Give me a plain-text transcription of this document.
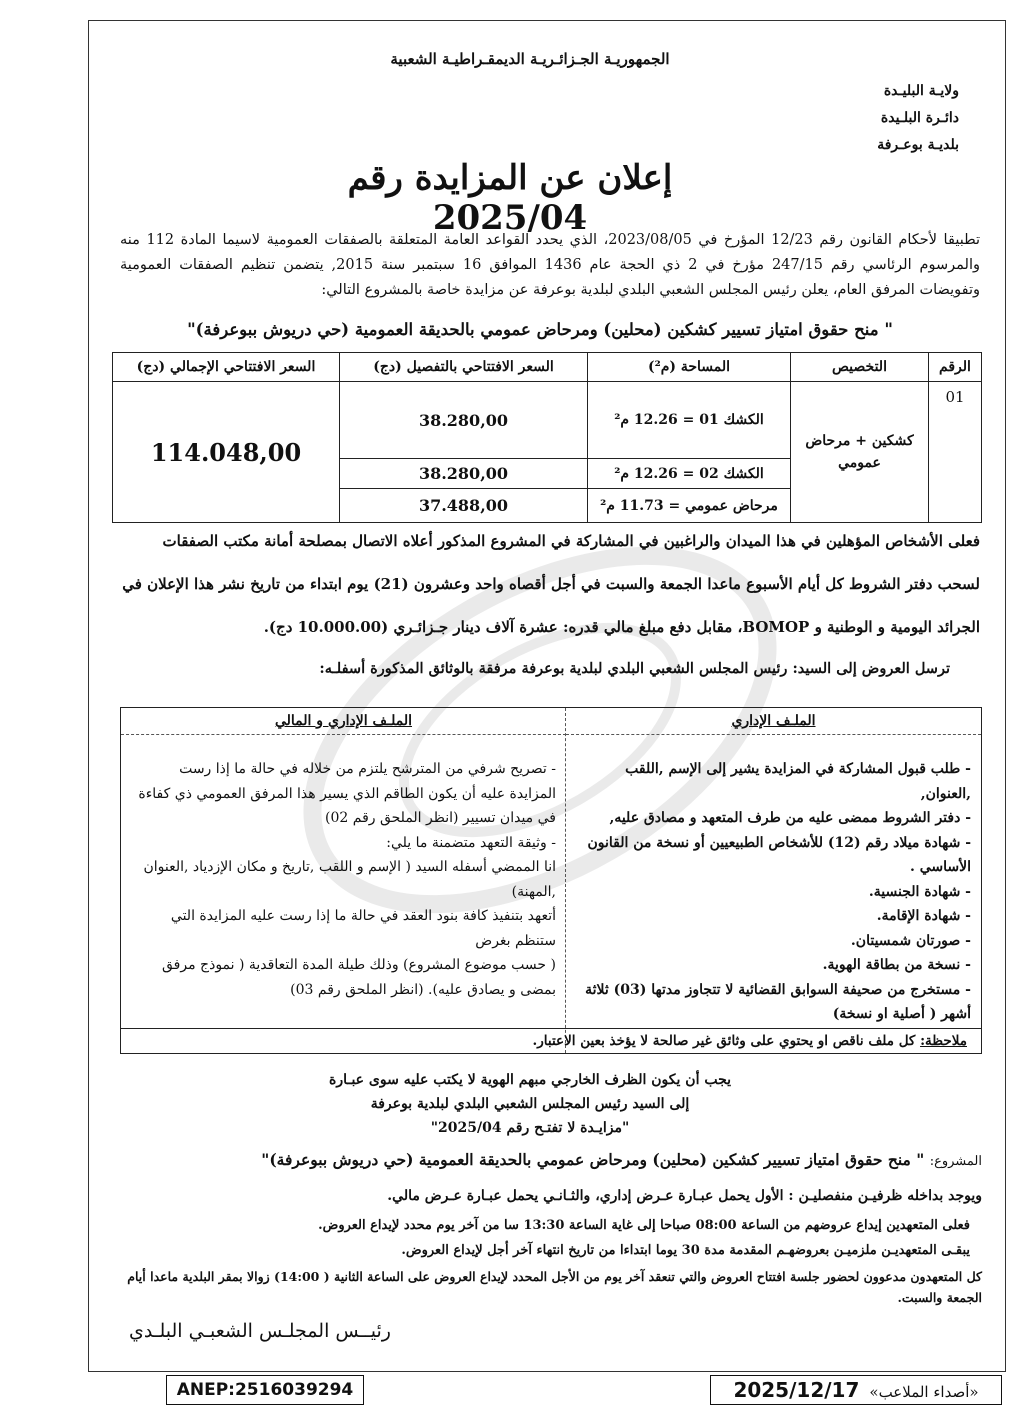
الجمهوريـة الجـزائـريـة الديمقـراطيـة الشعبية
ولايـة البليـدة
دائـرة البلـيدة
بلديـة بوعـرفة
إعلان عن المزايدة رقم 2025/04
تطبيقا لأحكام القانون رقم 12/23 المؤرخ في 2023/08/05، الذي يحدد القواعد العامة المتعلقة بالصفقات العمومية لاسيما المادة 112 منه والمرسوم الرئاسي رقم 247/15 مؤرخ في 2 ذي الحجة عام 1436 الموافق 16 سبتمبر سنة 2015, يتضمن تنظيم الصفقات العمومية وتفويضات المرفق العام، يعلن رئيس المجلس الشعبي البلدي لبلدية بوعرفة عن مزايدة خاصة بالمشروع التالي:
" منح حقوق امتياز تسيير كشكين (محلين) ومرحاض عمومي بالحديقة العمومية (حي دريوش ببوعرفة)"
الرقم	التخصيص	المساحة (م²)	السعر الافتتاحي بالتفصيل (دج)	السعر الافتتاحي الإجمالي (دج)
01	كشكين + مرحاض عمومي	الكشك 01 = 12.26 م²	38.280,00	114.048,00
		الكشك 02 = 12.26 م²	38.280,00	
		مرحاض عمومي = 11.73 م²	37.488,00	
فعلى الأشخاص المؤهلين في هذا الميدان والراغبين في المشاركة في المشروع المذكور أعلاه الاتصال بمصلحة أمانة مكتب الصفقات
لسحب دفتر الشروط كل أيام الأسبوع ماعدا الجمعة والسبت في أجل أقصاه واحد وعشرون (21) يوم ابتداء من تاريخ نشر هذا الإعلان في
الجرائد اليومية و الوطنية و BOMOP، مقابل دفع مبلغ مالي قدره: عشرة آلاف دينار جـزائـري (10.000.00 دج).
ترسل العروض إلى السيد: رئيس المجلس الشعبي البلدي لبلدية بوعرفة مرفقة بالوثائق المذكورة أسفلـه:
الملـف الإداري
- طلب قبول المشاركة في المزايدة يشير إلى الإسم ,اللقب ,العنوان,
- دفتر الشروط ممضى عليه من طرف المتعهد و مصادق عليه,
- شهادة ميلاد رقم (12) للأشخاص الطبيعيين أو نسخة من القانون الأساسي .
- شهادة الجنسية.
- شهادة الإقامة.
- صورتان شمسيتان.
- نسخة من بطاقة الهوية.
- مستخرج من صحيفة السوابق القضائية لا تتجاوز مدتها (03) ثلاثة أشهر ( أصلية او نسخة)
الملـف الإداري و المالي
- تصريح شرفي من المترشح يلتزم من خلاله في حالة ما إذا رست المزايدة عليه أن يكون الطاقم الذي يسير هذا المرفق العمومي ذي كفاءة في ميدان تسيير (انظر الملحق رقم 02)
- وثيقة التعهد متضمنة ما يلي:
انا الممضي أسفله السيد ( الإسم و اللقب ,تاريخ و مكان الإزدياد ,العنوان ,المهنة)
أتعهد بتنفيذ كافة بنود العقد في حالة ما إذا رست عليه المزايدة التي ستنظم بغرض
( حسب موضوع المشروع) وذلك طيلة المدة التعاقدية ( نموذج مرفق بمضى و يصادق عليه). (انظر الملحق رقم 03)
ملاحظة: كل ملف ناقص او يحتوي على وثائق غير صالحة لا يؤخذ بعين الاعتبار.
يجب أن يكون الظرف الخارجي مبهم الهوية لا يكتب عليه سوى عبـارة
إلى السيد رئيس المجلس الشعبي البلدي لبلدية بوعرفة
"مزايـدة لا تفتـح رقم 2025/04"
المشروع: " منح حقوق امتياز تسيير كشكين (محلين) ومرحاض عمومي بالحديقة العمومية (حي دريوش ببوعرفة)"
ويوجد بداخله ظرفيـن منفصليـن : الأول يحمل عبـارة عـرض إداري، والثـانـي يحمل عبـارة عـرض مالي.
فعلى المتعهدين إيداع عروضهم من الساعة 08:00 صباحا إلى غاية الساعة 13:30 سا من آخر يوم محدد لإيداع العروض.
يبقـى المتعهديـن ملزميـن بعروضهـم المقدمة مدة 30 يوما ابتداءا من تاريخ انتهاء آخر أجل لإيداع العروض.
كل المتعهدون مدعوون لحضور جلسة افتتاح العروض والتي تنعقد آخر يوم من الأجل المحدد لإيداع العروض على الساعة الثانية ( 14:00) زوالا بمقر البلدية ماعدا أيام الجمعة والسبت.
رئيــس المجلـس الشعبـي البلـدي
ANEP:2516039294	2025/12/17 «أصداء الملاعب»
